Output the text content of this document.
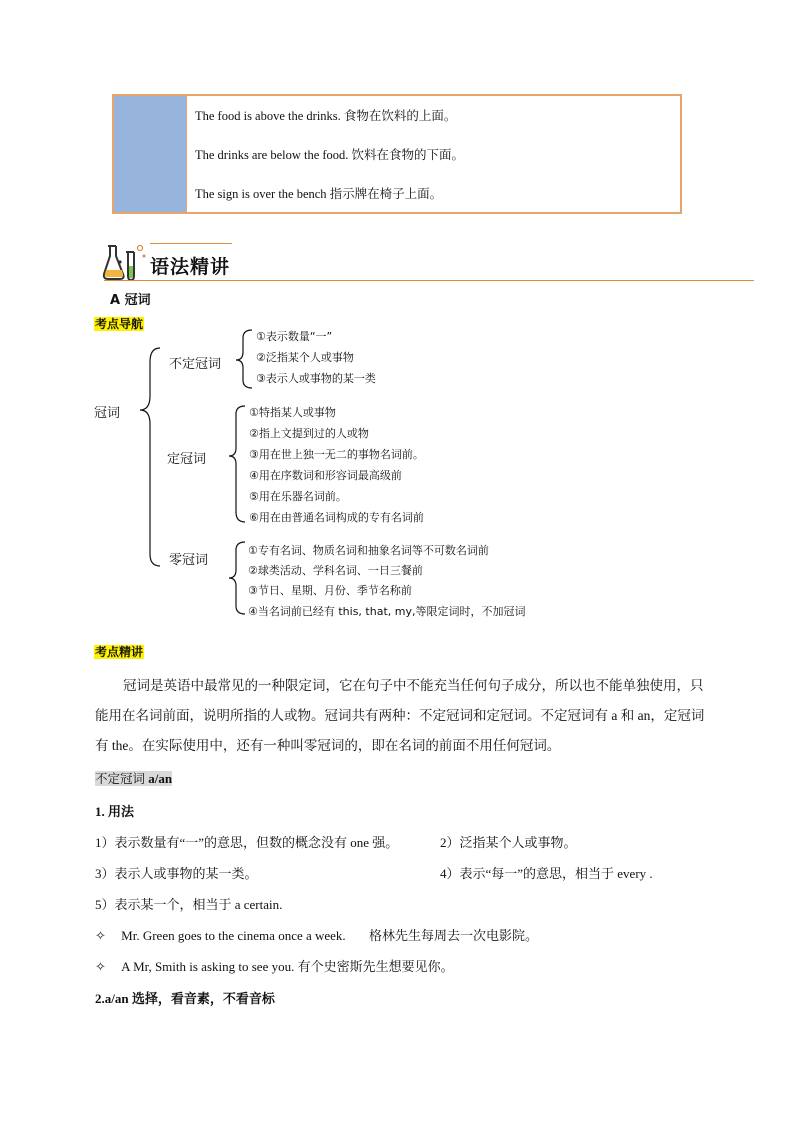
The food is above the drinks. 食物在饮料的上面。
The drinks are below the food. 饮料在食物的下面。
The sign is over the bench 指示牌在椅子上面。
语法精讲
A 冠词
考点导航
冠词
不定冠词
定冠词
零冠词
①表示数量“一”
②泛指某个人或事物
③表示人或事物的某一类
①特指某人或事物
②指上文提到过的人或物
③用在世上独一无二的事物名词前。
④用在序数词和形容词最高级前
⑤用在乐器名词前。
⑥用在由普通名词构成的专有名词前
①专有名词、物质名词和抽象名词等不可数名词前
②球类活动、学科名词、一日三餐前
③节日、星期、月份、季节名称前
④当名词前已经有 this, that, my,等限定词时，不加冠词
考点精讲

冠词是英语中最常见的一种限定词，它在句子中不能充当任何句子成分，所以也不能单独使用，只能用在名词前面，说明所指的人或物。冠词共有两种：不定冠词和定冠词。不定冠词有 a 和 an，定冠词有 the。在实际使用中，还有一种叫零冠词的，即在名词的前面不用任何冠词。

不定冠词 a/an
1. 用法
1）表示数量有“一”的意思，但数的概念没有 one 强。	2）泛指某个人或事物。
3）表示人或事物的某一类。	4）表示“每一”的意思，相当于 every .
5）表示某一个，相当于 a certain.
✧ Mr. Green goes to the cinema once a week. 格林先生每周去一次电影院。
✧ A Mr, Smith is asking to see you. 有个史密斯先生想要见你。
2.a/an 选择，看音素，不看音标
